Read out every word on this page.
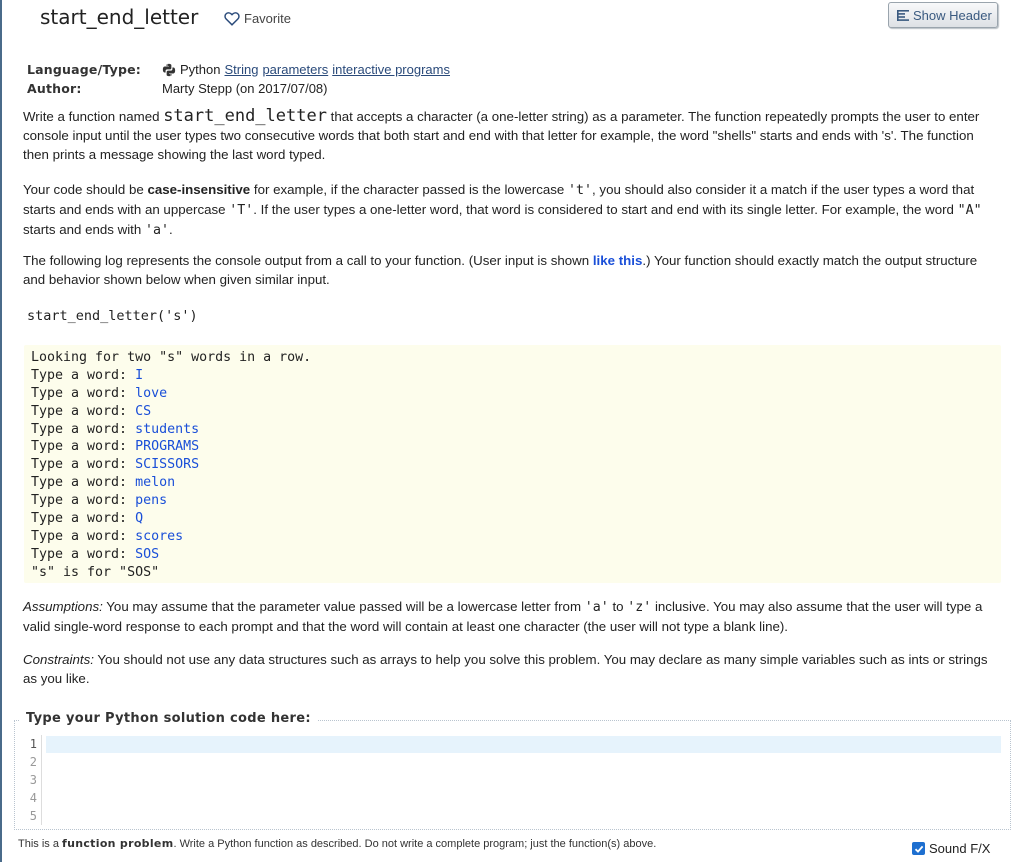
start_end_letter	Favorite	Show Header
Language/Type:	Python String parameters interactive programs
Author:	Marty Stepp (on 2017/07/08)
Write a function named start_end_letter that accepts a character (a one-letter string) as a parameter. The function repeatedly prompts the user to enter console input until the user types two consecutive words that both start and end with that letter for example, the word "shells" starts and ends with 's'. The function then prints a message showing the last word typed.
Your code should be case-insensitive for example, if the character passed is the lowercase 't', you should also consider it a match if the user types a word that starts and ends with an uppercase 'T'. If the user types a one-letter word, that word is considered to start and end with its single letter. For example, the word "A" starts and ends with 'a'.
The following log represents the console output from a call to your function. (User input is shown like this.) Your function should exactly match the output structure and behavior shown below when given similar input.
start_end_letter('s')
Looking for two "s" words in a row.
Type a word: I
Type a word: love
Type a word: CS
Type a word: students
Type a word: PROGRAMS
Type a word: SCISSORS
Type a word: melon
Type a word: pens
Type a word: Q
Type a word: scores
Type a word: SOS
"s" is for "SOS"
Assumptions: You may assume that the parameter value passed will be a lowercase letter from 'a' to 'z' inclusive. You may also assume that the user will type a valid single-word response to each prompt and that the word will contain at least one character (the user will not type a blank line).
Constraints: You should not use any data structures such as arrays to help you solve this problem. You may declare as many simple variables such as ints or strings as you like.
Type your Python solution code here:
1
2
3
4
5
This is a function problem. Write a Python function as described. Do not write a complete program; just the function(s) above.	Sound F/X
